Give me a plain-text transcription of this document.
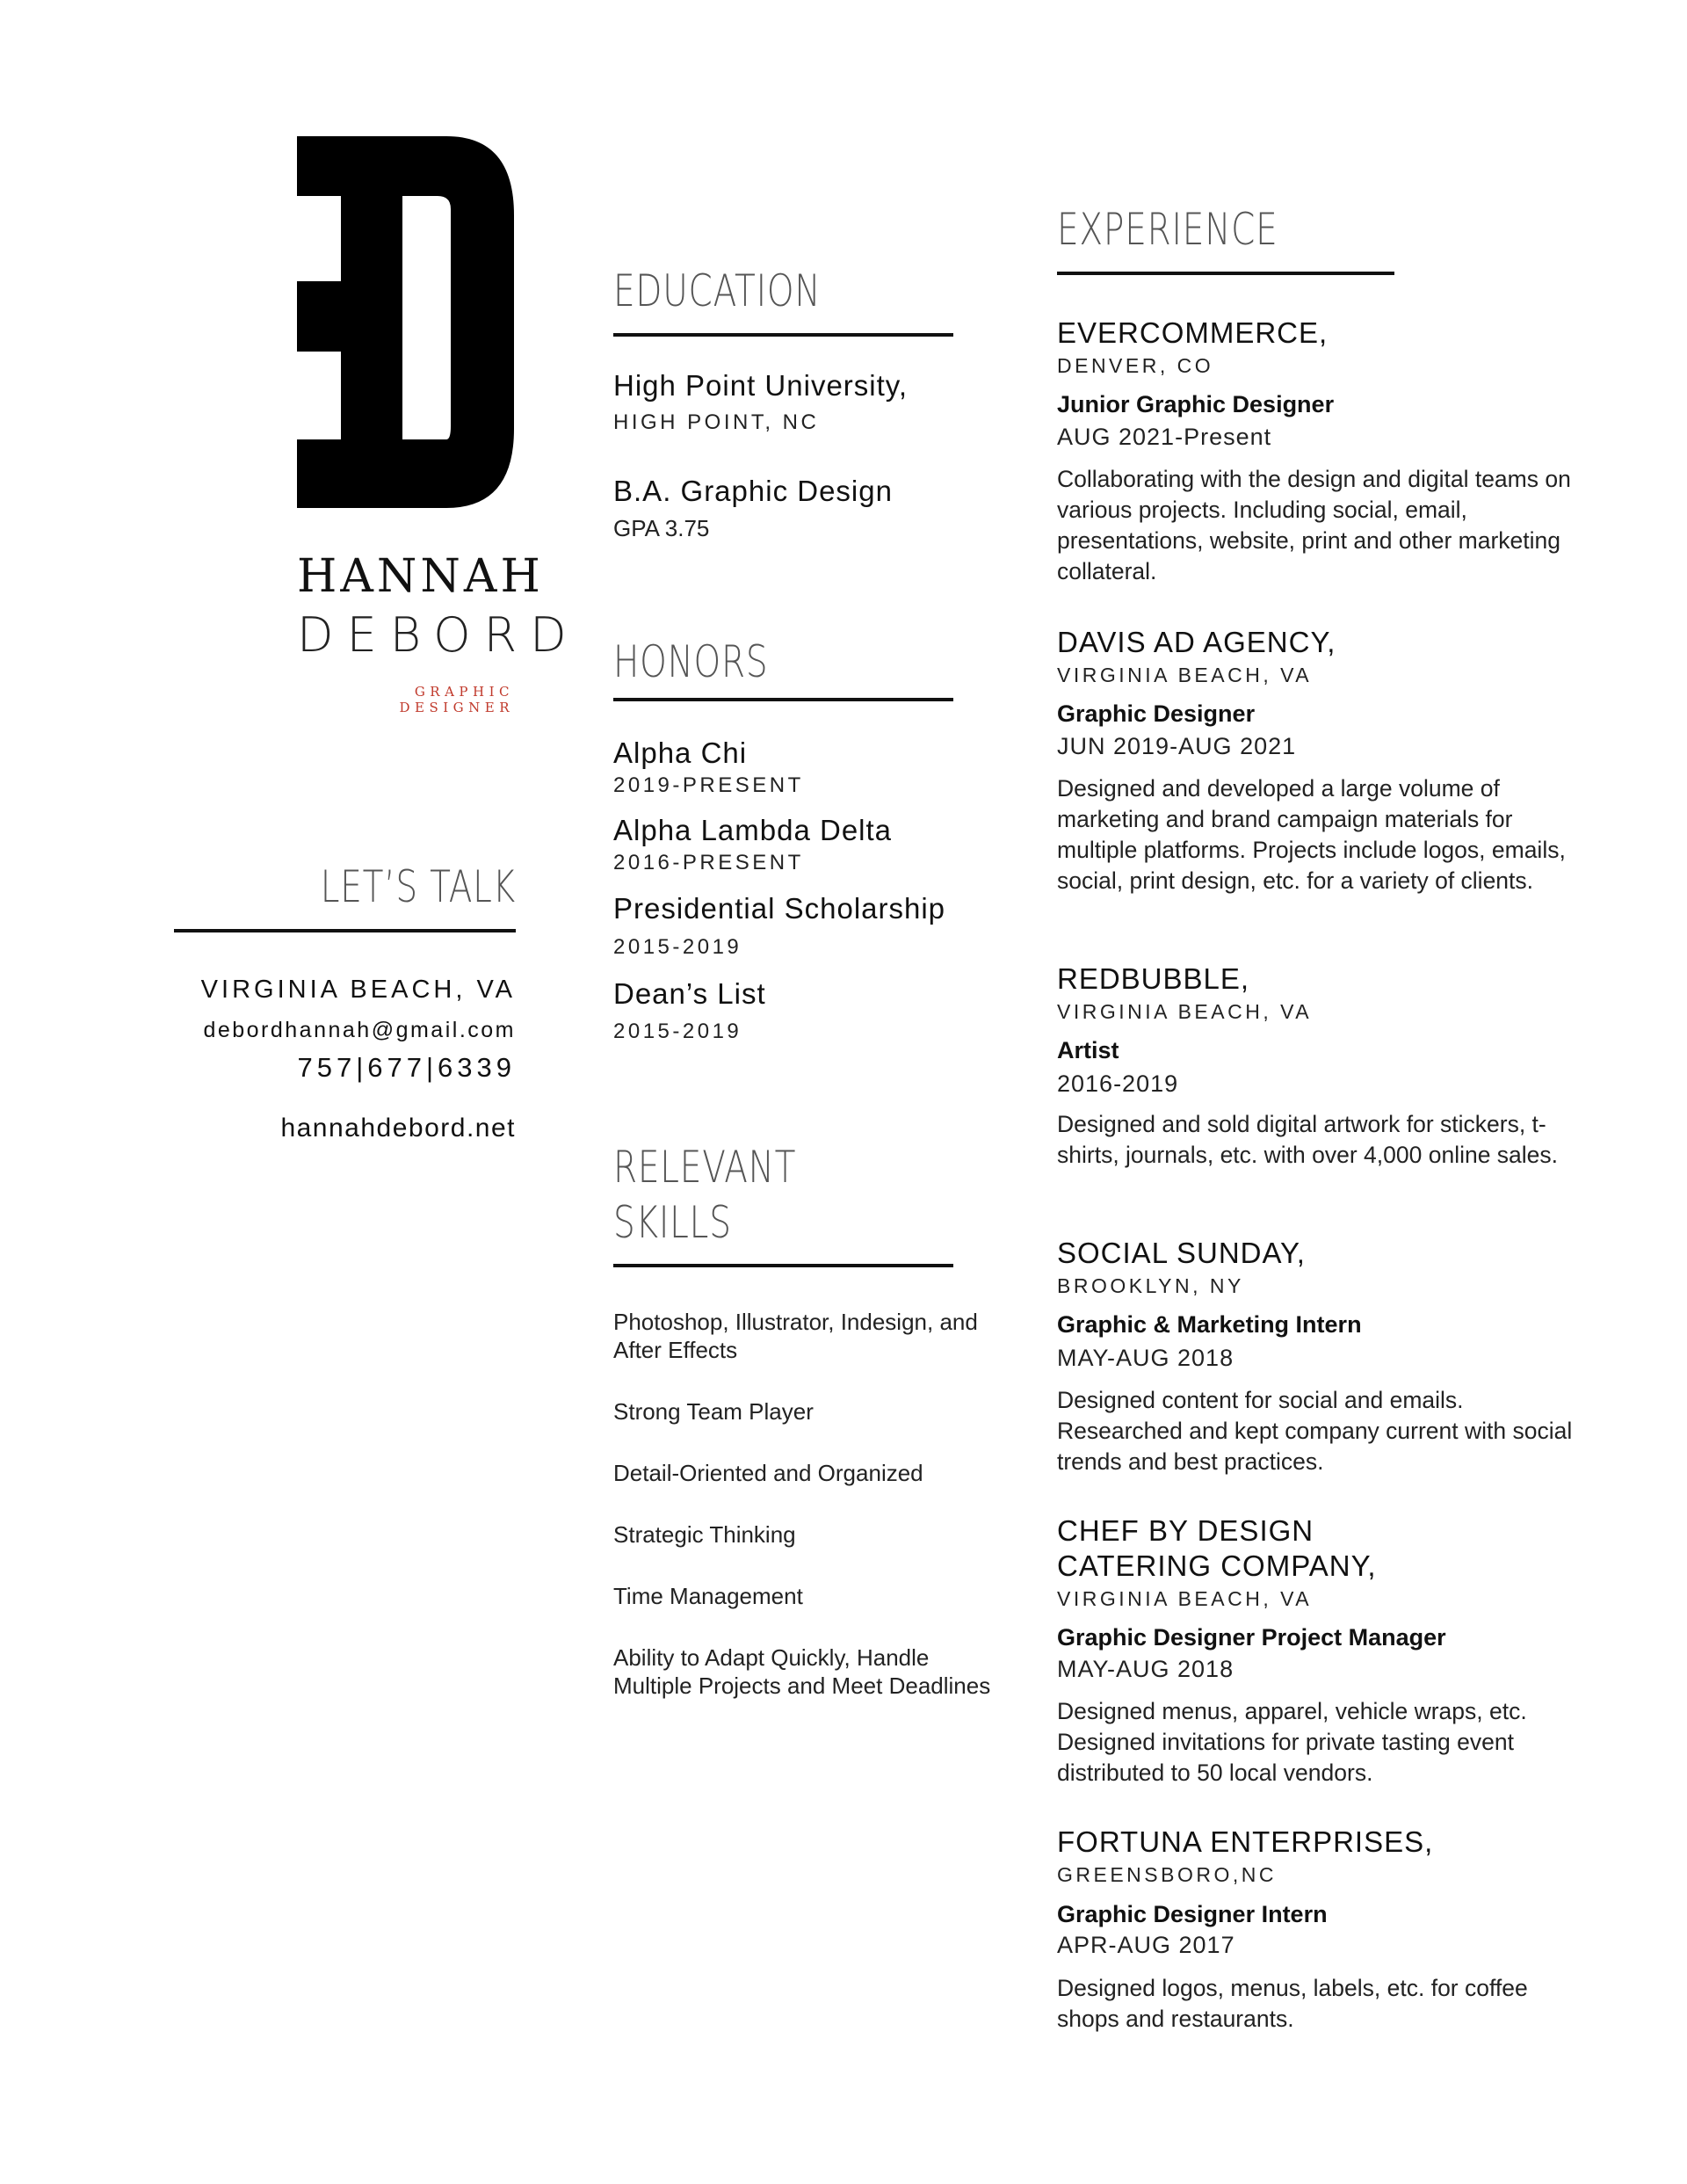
HANNAH
DEBORD
GRAPHIC DESIGNER
LET’S TALK
VIRGINIA BEACH, VA
debordhannah@gmail.com
757|677|6339
hannahdebord.net
EDUCATION
High Point University,
HIGH POINT, NC
B.A. Graphic Design
GPA 3.75
HONORS
Alpha Chi
2019-PRESENT
Alpha Lambda Delta
2016-PRESENT
Presidential Scholarship
2015-2019
Dean’s List
2015-2019
RELEVANT
SKILLS
Photoshop, Illustrator, Indesign, and After Effects
Strong Team Player
Detail-Oriented and Organized
Strategic Thinking
Time Management
Ability to Adapt Quickly, Handle Multiple Projects and Meet Deadlines
EXPERIENCE
EVERCOMMERCE,
DENVER, CO
Junior Graphic Designer
AUG 2021-Present
Collaborating with the design and digital teams on various projects. Including social, email, presentations, website, print and other marketing collateral.
DAVIS AD AGENCY,
VIRGINIA BEACH, VA
Graphic Designer
JUN 2019-AUG 2021
Designed and developed a large volume of marketing and brand campaign materials for multiple platforms. Projects include logos, emails, social, print design, etc. for a variety of clients.
REDBUBBLE,
VIRGINIA BEACH, VA
Artist
2016-2019
Designed and sold digital artwork for stickers, t-shirts, journals, etc. with over 4,000 online sales.
SOCIAL SUNDAY,
BROOKLYN, NY
Graphic & Marketing Intern
MAY-AUG 2018
Designed content for social and emails. Researched and kept company current with social trends and best practices.
CHEF BY DESIGN CATERING COMPANY,
VIRGINIA BEACH, VA
Graphic Designer Project Manager
MAY-AUG 2018
Designed menus, apparel, vehicle wraps, etc. Designed invitations for private tasting event distributed to 50 local vendors.
FORTUNA ENTERPRISES,
GREENSBORO,NC
Graphic Designer Intern
APR-AUG 2017
Designed logos, menus, labels, etc. for coffee shops and restaurants.
